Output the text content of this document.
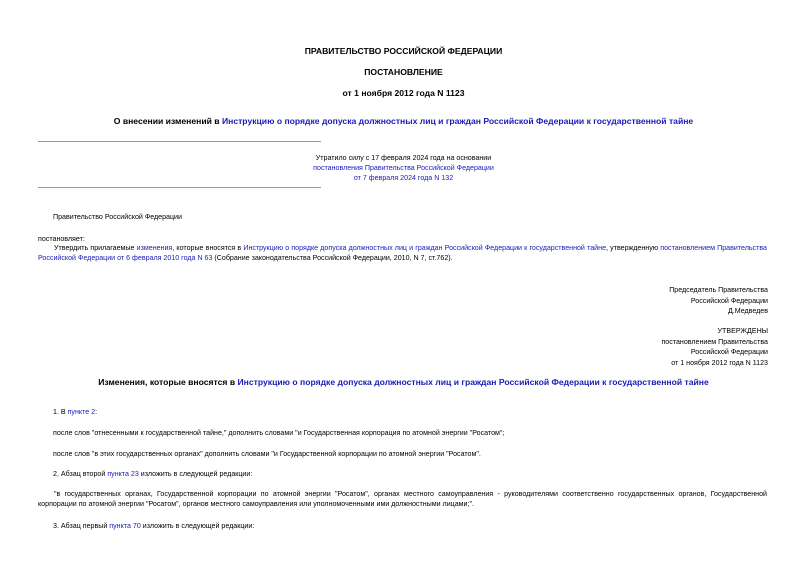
ПРАВИТЕЛЬСТВО РОССИЙСКОЙ ФЕДЕРАЦИИ
ПОСТАНОВЛЕНИЕ
от 1 ноября 2012 года N 1123
О внесении изменений в Инструкцию о порядке допуска должностных лиц и граждан Российской Федерации к государственной тайне
Утратило силу с 17 февраля 2024 года на основании
постановления Правительства Российской Федерации
от 7 февраля 2024 года N 132
Правительство Российской Федерации
постановляет:
Утвердить прилагаемые изменения, которые вносятся в Инструкцию о порядке допуска должностных лиц и граждан Российской Федерации к государственной тайне, утвержденную постановлением Правительства Российской Федерации от 6 февраля 2010 года N 63 (Собрание законодательства Российской Федерации, 2010, N 7, ст.762).
Председатель Правительства
Российской Федерации
Д.Медведев
УТВЕРЖДЕНЫ
постановлением Правительства
Российской Федерации
от 1 ноября 2012 года N 1123
Изменения, которые вносятся в Инструкцию о порядке допуска должностных лиц и граждан Российской Федерации к государственной тайне
1. В пункте 2:
после слов "отнесенными к государственной тайне," дополнить словами "и Государственная корпорация по атомной энергии "Росатом";
после слов "в этих государственных органах" дополнить словами "и Государственной корпорации по атомной энергии "Росатом".
2. Абзац второй пункта 23 изложить в следующей редакции:
"в государственных органах, Государственной корпорации по атомной энергии "Росатом", органах местного самоуправления - руководителями соответственно государственных органов, Государственной корпорации по атомной энергии "Росатом", органов местного самоуправления или уполномоченными ими должностными лицами;".
3. Абзац первый пункта 70 изложить в следующей редакции:
